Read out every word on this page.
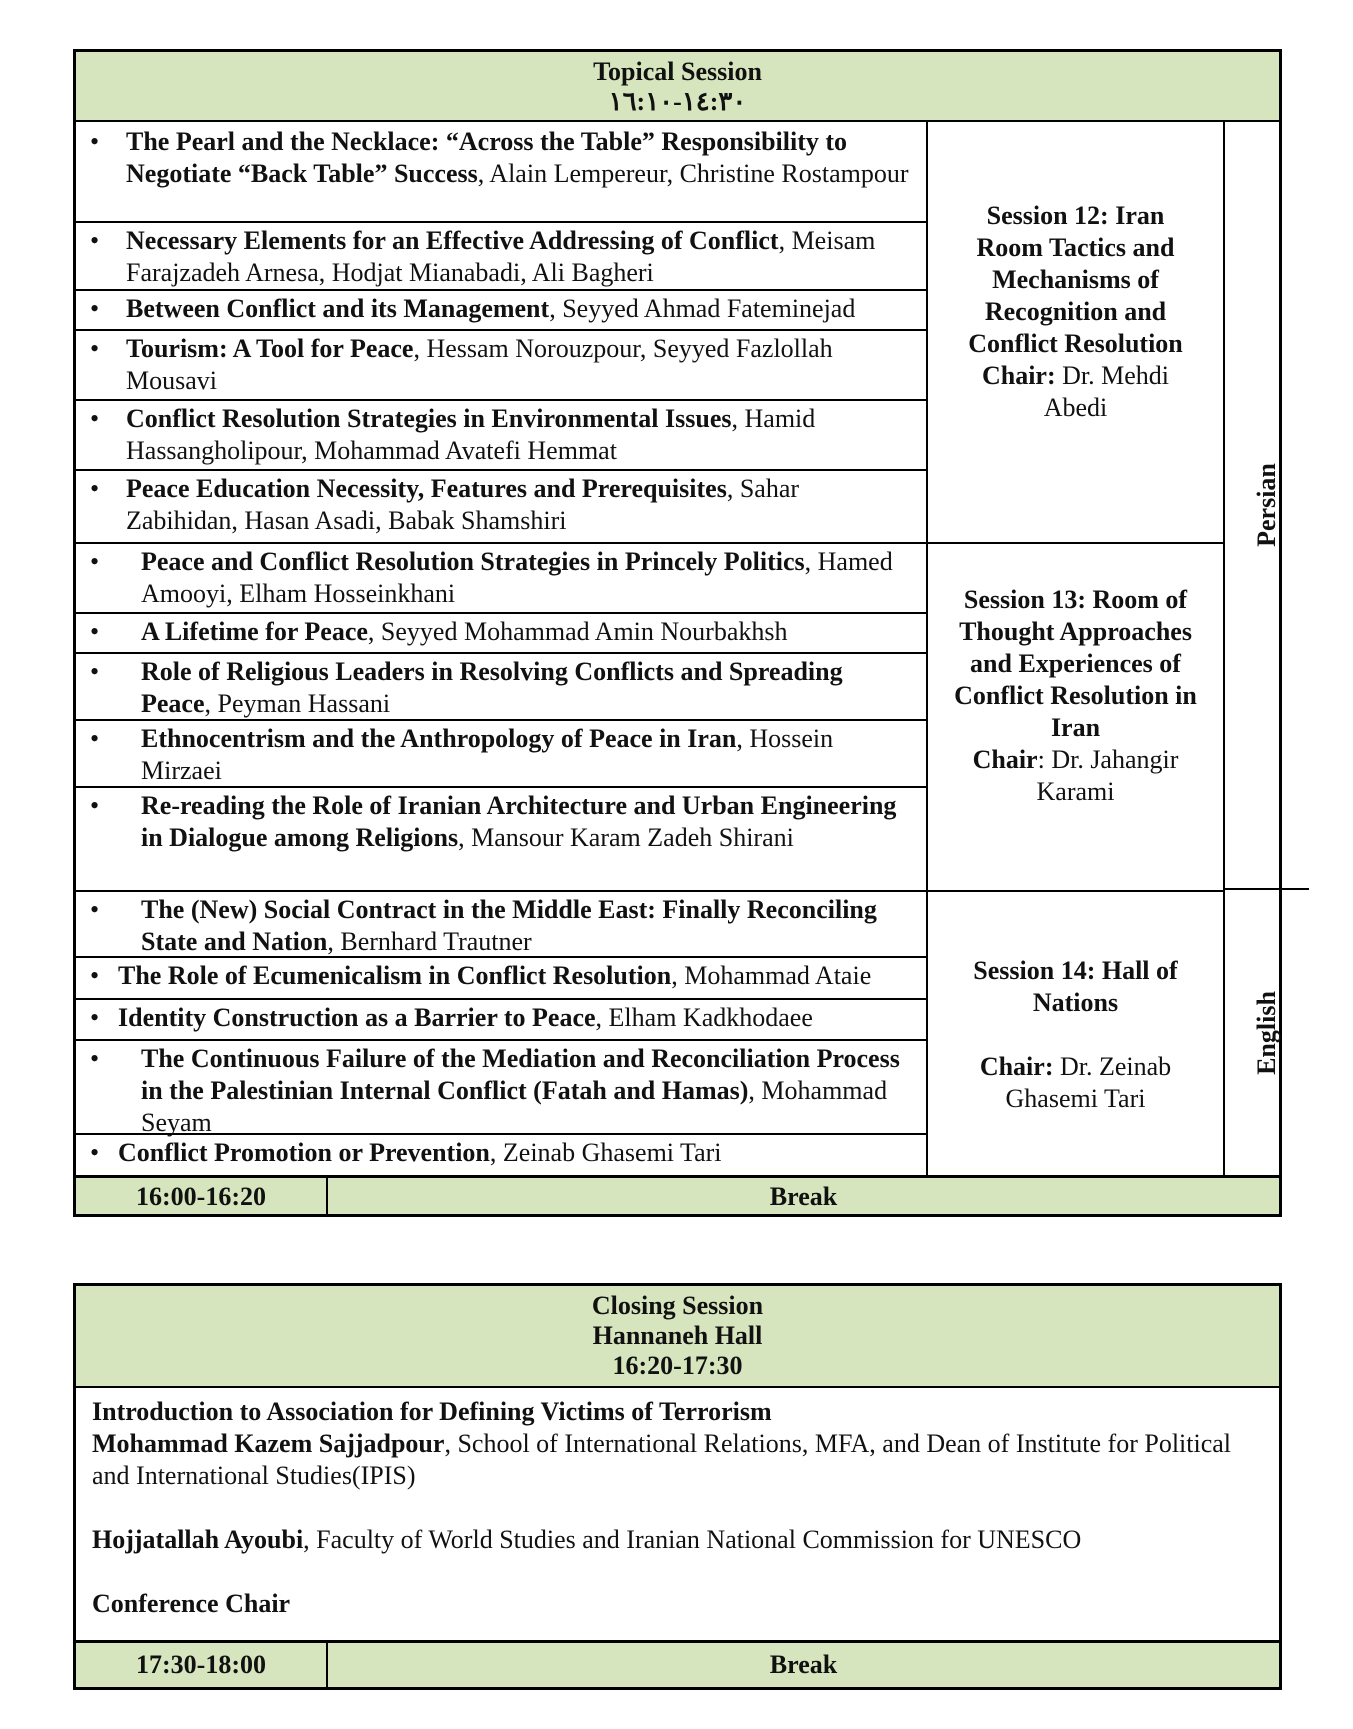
Topical Session
١٤:٣٠-١٦:١٠
• The Pearl and the Necklace: “Across the Table” Responsibility to Negotiate “Back Table” Success, Alain Lempereur, Christine Rostampour
• Necessary Elements for an Effective Addressing of Conflict, Meisam Farajzadeh Arnesa, Hodjat Mianabadi, Ali Bagheri
• Between Conflict and its Management, Seyyed Ahmad Fateminejad
• Tourism: A Tool for Peace, Hessam Norouzpour, Seyyed Fazlollah Mousavi
• Conflict Resolution Strategies in Environmental Issues, Hamid Hassangholipour, Mohammad Avatefi Hemmat
• Peace Education Necessity, Features and Prerequisites, Sahar Zabihidan, Hasan Asadi, Babak Shamshiri
Session 12: Iran Room Tactics and Mechanisms of Recognition and Conflict Resolution
Chair: Dr. Mehdi Abedi
• Peace and Conflict Resolution Strategies in Princely Politics, Hamed Amooyi, Elham Hosseinkhani
• A Lifetime for Peace, Seyyed Mohammad Amin Nourbakhsh
• Role of Religious Leaders in Resolving Conflicts and Spreading Peace, Peyman Hassani
• Ethnocentrism and the Anthropology of Peace in Iran, Hossein Mirzaei
• Re-reading the Role of Iranian Architecture and Urban Engineering in Dialogue among Religions, Mansour Karam Zadeh Shirani
Session 13: Room of Thought Approaches and Experiences of Conflict Resolution in Iran
Chair: Dr. Jahangir Karami
• The (New) Social Contract in the Middle East: Finally Reconciling State and Nation, Bernhard Trautner
• The Role of Ecumenicalism in Conflict Resolution, Mohammad Ataie
• Identity Construction as a Barrier to Peace, Elham Kadkhodaee
• The Continuous Failure of the Mediation and Reconciliation Process in the Palestinian Internal Conflict (Fatah and Hamas), Mohammad Seyam
• Conflict Promotion or Prevention, Zeinab Ghasemi Tari
Session 14: Hall of Nations
Chair: Dr. Zeinab Ghasemi Tari
Persian
English
16:00-16:20	Break
Closing Session
Hannaneh Hall
16:20-17:30
Introduction to Association for Defining Victims of Terrorism
Mohammad Kazem Sajjadpour, School of International Relations, MFA, and Dean of Institute for Political and International Studies(IPIS)
Hojjatallah Ayoubi, Faculty of World Studies and Iranian National Commission for UNESCO
Conference Chair
17:30-18:00	Break
